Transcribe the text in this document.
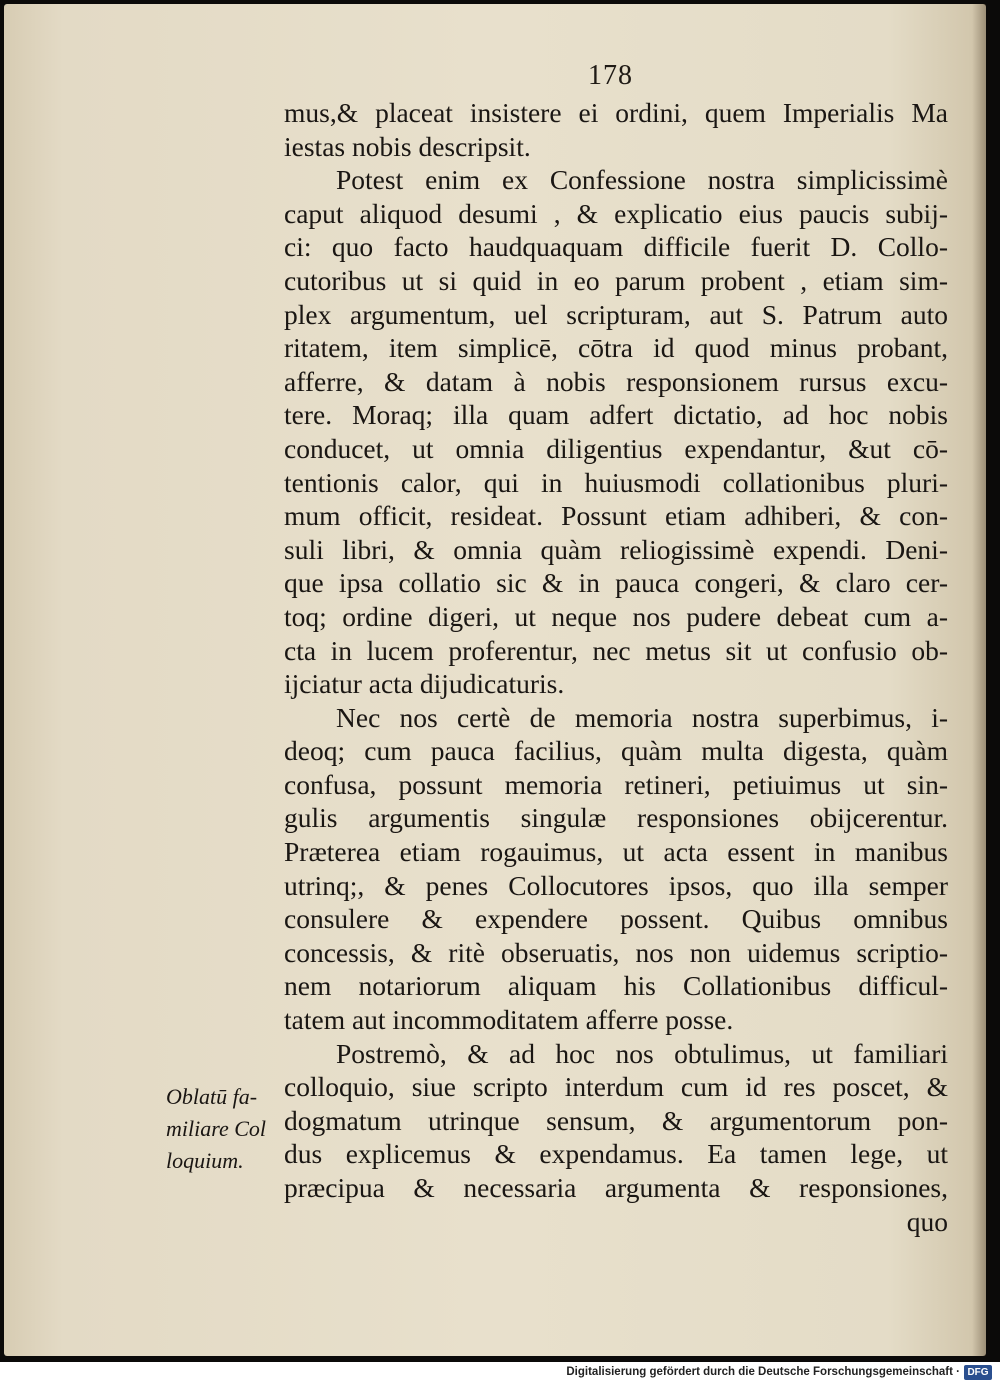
178
mus,& placeat insistere ei ordini, quem Imperialis Ma
iestas nobis descripsit.
Potest enim ex Confessione nostra simplicissimè
caput aliquod desumi , & explicatio eius paucis subij-
ci: quo facto haudquaquam difficile fuerit D. Collo-
cutoribus ut si quid in eo parum probent , etiam sim-
plex argumentum, uel scripturam, aut S. Patrum auto
ritatem, item simplicē, cōtra id quod minus probant,
afferre, & datam à nobis responsionem rursus excu-
tere. Moraq; illa quam adfert dictatio, ad hoc nobis
conducet, ut omnia diligentius expendantur, &ut cō-
tentionis calor, qui in huiusmodi collationibus pluri-
mum officit, resideat. Possunt etiam adhiberi, & con-
suli libri, & omnia quàm reliogissimè expendi. Deni-
que ipsa collatio sic & in pauca congeri, & claro cer-
toq; ordine digeri, ut neque nos pudere debeat cum a-
cta in lucem proferentur, nec metus sit ut confusio ob-
ijciatur acta dijudicaturis.
Nec nos certè de memoria nostra superbimus, i-
deoq; cum pauca facilius, quàm multa digesta, quàm
confusa, possunt memoria retineri, petiuimus ut sin-
gulis argumentis singulæ responsiones obijcerentur.
Præterea etiam rogauimus, ut acta essent in manibus
utrinq;, & penes Collocutores ipsos, quo illa semper
consulere & expendere possent. Quibus omnibus
concessis, & ritè obseruatis, nos non uidemus scriptio-
nem notariorum aliquam his Collationibus difficul-
tatem aut incommoditatem afferre posse.
Postremò, & ad hoc nos obtulimus, ut familiari
colloquio, siue scripto interdum cum id res poscet, &
dogmatum utrinque sensum, & argumentorum pon-
dus explicemus & expendamus. Ea tamen lege, ut
præcipua & necessaria argumenta & responsiones,
quo
Oblatū fa-
miliare Col
loquium.
Digitalisierung gefördert durch die Deutsche Forschungsgemeinschaft · DFG
